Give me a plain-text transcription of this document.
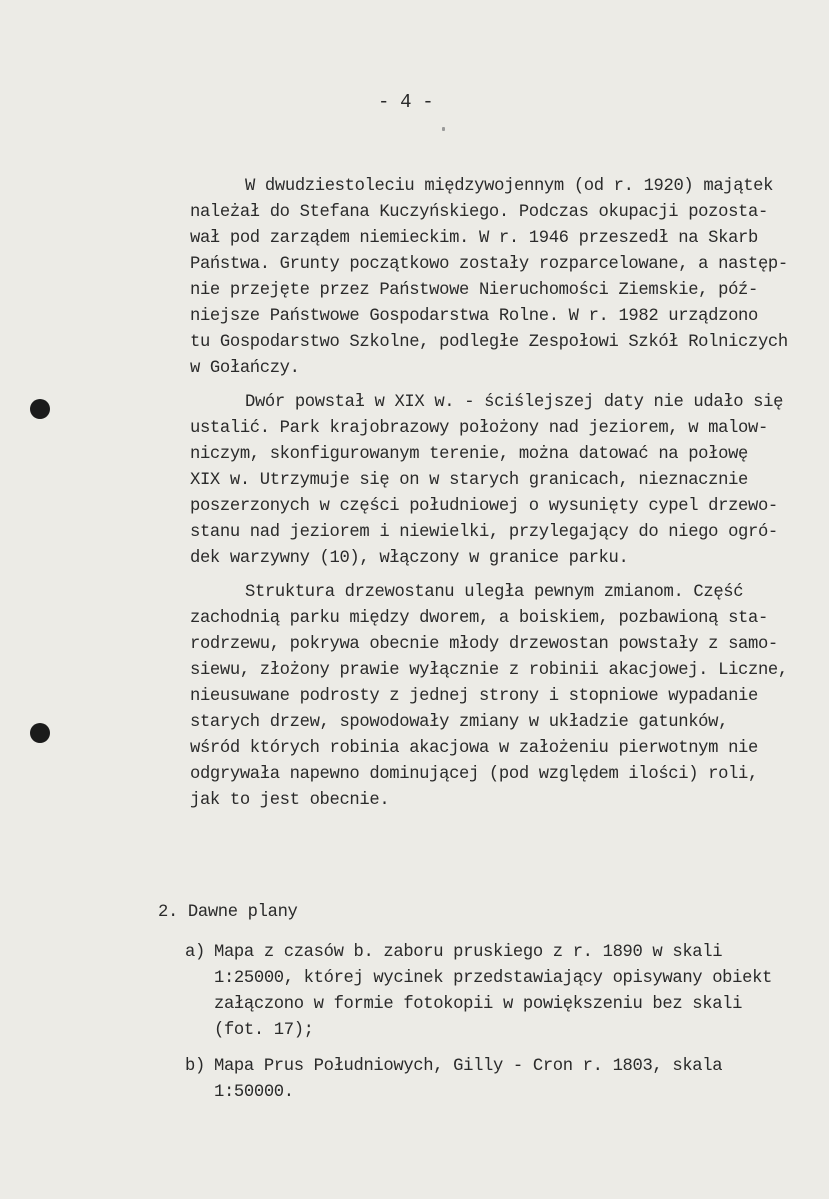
- 4 -
W dwudziestoleciu międzywojennym (od r. 1920) majątek
należał do Stefana Kuczyńskiego. Podczas okupacji pozosta-
wał pod zarządem niemieckim. W r. 1946 przeszedł na Skarb
Państwa. Grunty początkowo zostały rozparcelowane, a następ-
nie przejęte przez Państwowe Nieruchomości Ziemskie, póź-
niejsze Państwowe Gospodarstwa Rolne. W r. 1982 urządzono
tu Gospodarstwo Szkolne, podległe Zespołowi Szkół Rolniczych
w Gołańczy.
Dwór powstał w XIX w. - ściślejszej daty nie udało się
ustalić. Park krajobrazowy położony nad jeziorem, w malow-
niczym, skonfigurowanym terenie, można datować na połowę
XIX w. Utrzymuje się on w starych granicach, nieznacznie
poszerzonych w części południowej o wysunięty cypel drzewo-
stanu nad jeziorem i niewielki, przylegający do niego ogró-
dek warzywny (10), włączony w granice parku.
Struktura drzewostanu uległa pewnym zmianom. Część
zachodnią parku między dworem, a boiskiem, pozbawioną sta-
rodrzewu, pokrywa obecnie młody drzewostan powstały z samo-
siewu, złożony prawie wyłącznie z robinii akacjowej. Liczne,
nieusuwane podrosty z jednej strony i stopniowe wypadanie
starych drzew, spowodowały zmiany w układzie gatunków,
wśród których robinia akacjowa w założeniu pierwotnym nie
odgrywała napewno dominującej (pod względem ilości) roli,
jak to jest obecnie.
2. Dawne plany
a) Mapa z czasów b. zaboru pruskiego z r. 1890 w skali
1:25000, której wycinek przedstawiający opisywany obiekt
załączono w formie fotokopii w powiększeniu bez skali
(fot. 17);
b) Mapa Prus Południowych, Gilly - Cron r. 1803, skala
1:50000.
